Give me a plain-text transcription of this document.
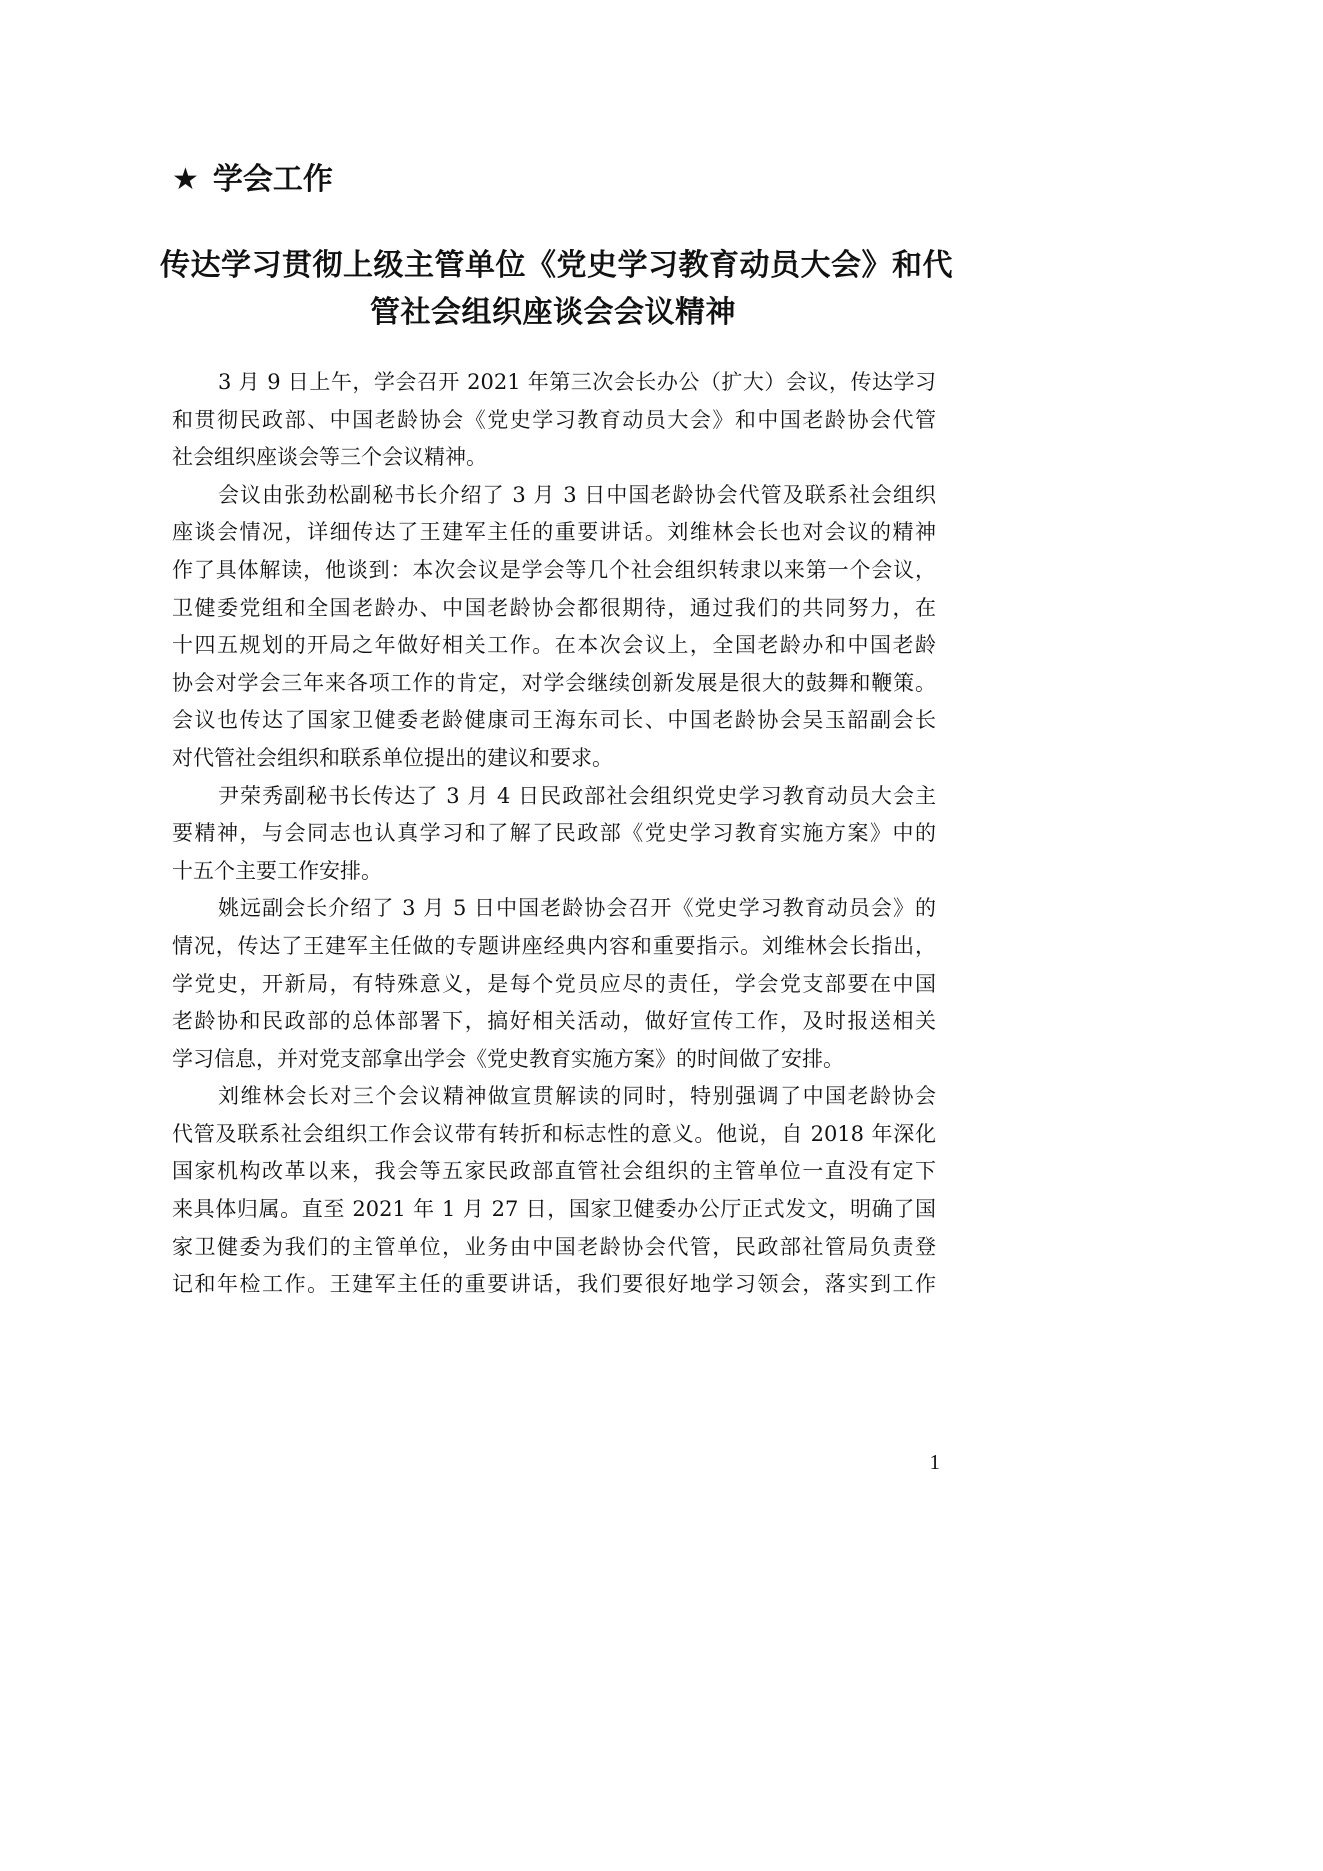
★ 学会工作
传达学习贯彻上级主管单位《党史学习教育动员大会》和代
管社会组织座谈会会议精神

3 月 9 日上午，学会召开 2021 年第三次会长办公（扩大）会议，传达学习
和贯彻民政部、中国老龄协会《党史学习教育动员大会》和中国老龄协会代管
社会组织座谈会等三个会议精神。

会议由张劲松副秘书长介绍了 3 月 3 日中国老龄协会代管及联系社会组织
座谈会情况，详细传达了王建军主任的重要讲话。刘维林会长也对会议的精神
作了具体解读，他谈到：本次会议是学会等几个社会组织转隶以来第一个会议，
卫健委党组和全国老龄办、中国老龄协会都很期待，通过我们的共同努力，在
十四五规划的开局之年做好相关工作。在本次会议上，全国老龄办和中国老龄
协会对学会三年来各项工作的肯定，对学会继续创新发展是很大的鼓舞和鞭策。
会议也传达了国家卫健委老龄健康司王海东司长、中国老龄协会吴玉韶副会长
对代管社会组织和联系单位提出的建议和要求。

尹荣秀副秘书长传达了 3 月 4 日民政部社会组织党史学习教育动员大会主
要精神，与会同志也认真学习和了解了民政部《党史学习教育实施方案》中的
十五个主要工作安排。

姚远副会长介绍了 3 月 5 日中国老龄协会召开《党史学习教育动员会》的
情况，传达了王建军主任做的专题讲座经典内容和重要指示。刘维林会长指出，
学党史，开新局，有特殊意义，是每个党员应尽的责任，学会党支部要在中国
老龄协和民政部的总体部署下，搞好相关活动，做好宣传工作，及时报送相关
学习信息，并对党支部拿出学会《党史教育实施方案》的时间做了安排。

刘维林会长对三个会议精神做宣贯解读的同时，特别强调了中国老龄协会
代管及联系社会组织工作会议带有转折和标志性的意义。他说，自 2018 年深化
国家机构改革以来，我会等五家民政部直管社会组织的主管单位一直没有定下
来具体归属。直至 2021 年 1 月 27 日，国家卫健委办公厅正式发文，明确了国
家卫健委为我们的主管单位，业务由中国老龄协会代管，民政部社管局负责登
记和年检工作。王建军主任的重要讲话，我们要很好地学习领会，落实到工作

1
